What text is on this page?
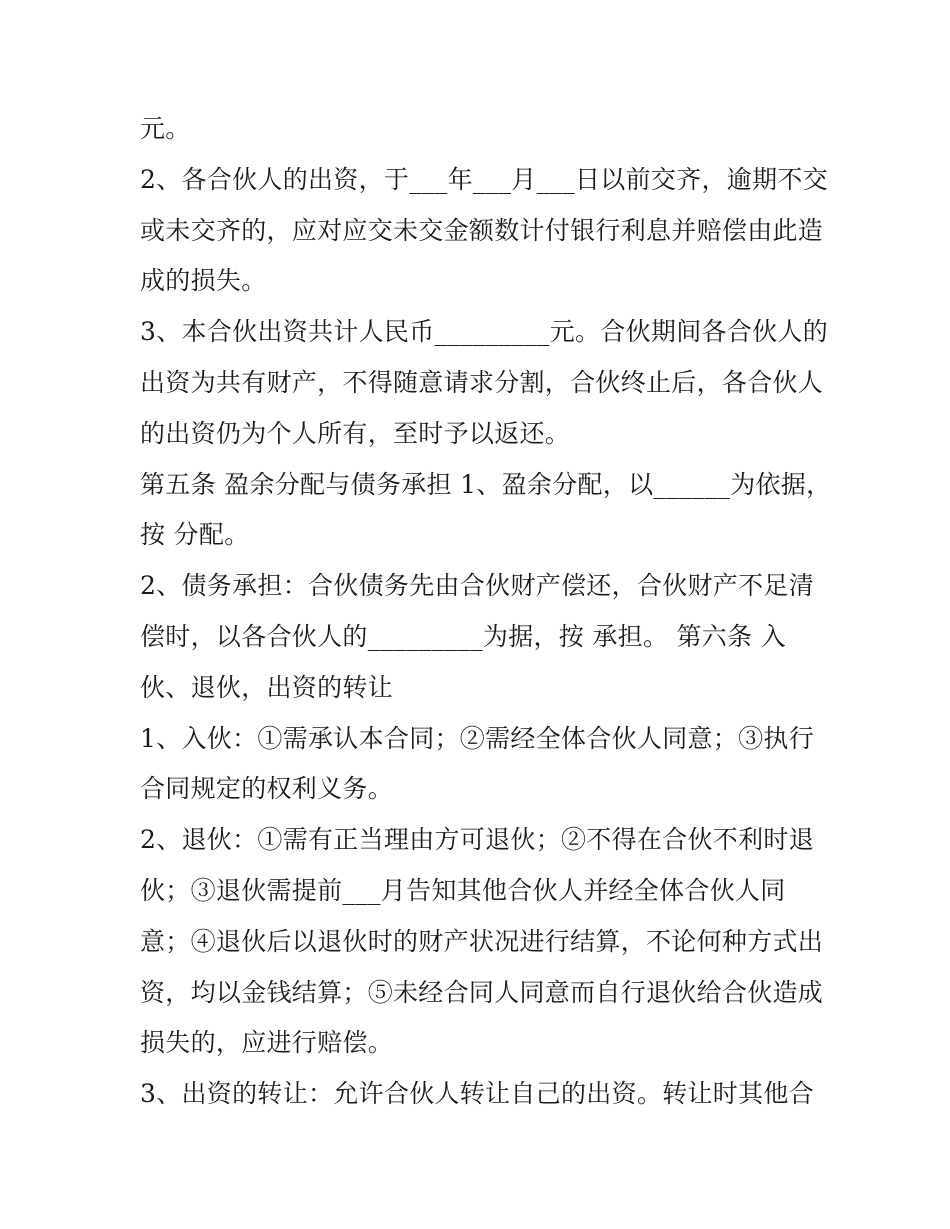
元。
2、各合伙人的出资，于___年___月___日以前交齐，逾期不交
或未交齐的，应对应交未交金额数计付银行利息并赔偿由此造
成的损失。
3、本合伙出资共计人民币_________元。合伙期间各合伙人的
出资为共有财产，不得随意请求分割，合伙终止后，各合伙人
的出资仍为个人所有，至时予以返还。
第五条 盈余分配与债务承担 1、盈余分配，以______为依据，
按 分配。
2、债务承担：合伙债务先由合伙财产偿还，合伙财产不足清
偿时，以各合伙人的_________为据，按 承担。 第六条 入
伙、退伙，出资的转让
1、入伙：①需承认本合同；②需经全体合伙人同意；③执行
合同规定的权利义务。
2、退伙：①需有正当理由方可退伙；②不得在合伙不利时退
伙；③退伙需提前___月告知其他合伙人并经全体合伙人同
意；④退伙后以退伙时的财产状况进行结算，不论何种方式出
资，均以金钱结算；⑤未经合同人同意而自行退伙给合伙造成
损失的，应进行赔偿。
3、出资的转让：允许合伙人转让自己的出资。转让时其他合
